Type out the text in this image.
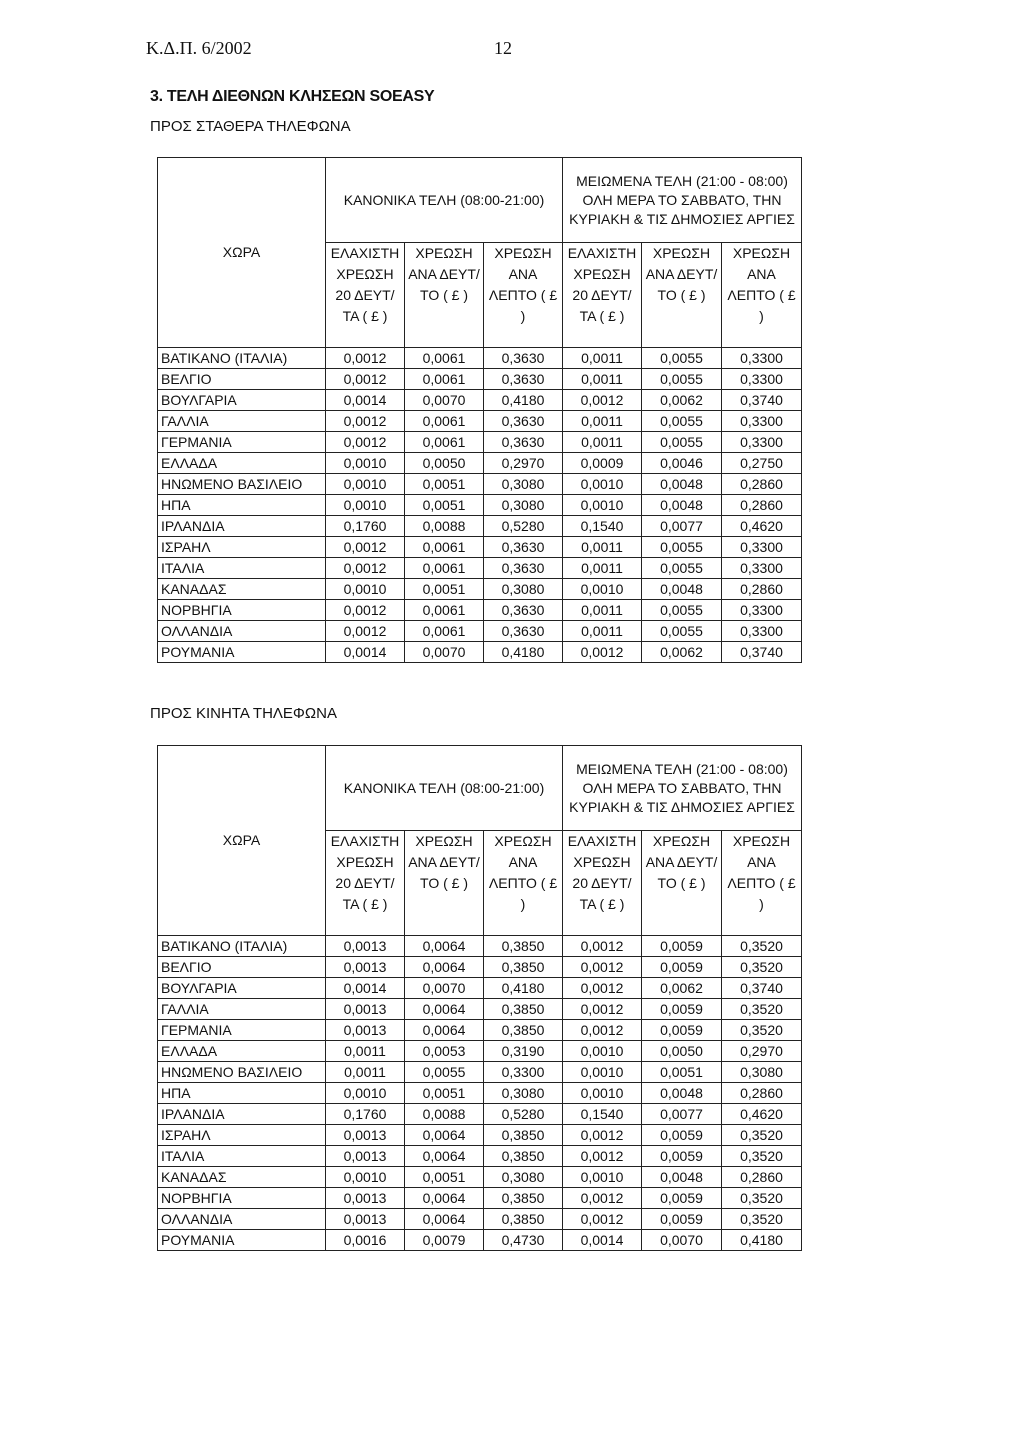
Κ.Δ.Π. 6/2002	12
3. ΤΕΛΗ ΔΙΕΘΝΩΝ ΚΛΗΣΕΩΝ SOEASY
ΠΡΟΣ ΣΤΑΘΕΡΑ ΤΗΛΕΦΩΝΑ
ΧΩΡΑ	ΚΑΝΟΝΙΚΑ ΤΕΛΗ (08:00-21:00)			ΜΕΙΩΜΕΝΑ ΤΕΛΗ (21:00 - 08:00) ΟΛΗ ΜΕΡΑ ΤΟ ΣΑΒΒΑΤΟ, ΤΗΝ ΚΥΡΙΑΚΗ & ΤΙΣ ΔΗΜΟΣΙΕΣ ΑΡΓΙΕΣ		
	ΕΛΑΧΙΣΤΗ ΧΡΕΩΣΗ 20 ΔΕΥΤ/ΤΑ ( £ )	ΧΡΕΩΣΗ ΑΝΑ ΔΕΥΤ/ΤΟ ( £ )	ΧΡΕΩΣΗ ΑΝΑ ΛΕΠΤΟ ( £ )	ΕΛΑΧΙΣΤΗ ΧΡΕΩΣΗ 20 ΔΕΥΤ/ΤΑ ( £ )	ΧΡΕΩΣΗ ΑΝΑ ΔΕΥΤ/ΤΟ ( £ )	ΧΡΕΩΣΗ ΑΝΑ ΛΕΠΤΟ ( £ )
ΒΑΤΙΚΑΝΟ (ΙΤΑΛΙΑ)	0,0012	0,0061	0,3630	0,0011	0,0055	0,3300
ΒΕΛΓΙΟ	0,0012	0,0061	0,3630	0,0011	0,0055	0,3300
ΒΟΥΛΓΑΡΙΑ	0,0014	0,0070	0,4180	0,0012	0,0062	0,3740
ΓΑΛΛΙΑ	0,0012	0,0061	0,3630	0,0011	0,0055	0,3300
ΓΕΡΜΑΝΙΑ	0,0012	0,0061	0,3630	0,0011	0,0055	0,3300
ΕΛΛΑΔΑ	0,0010	0,0050	0,2970	0,0009	0,0046	0,2750
ΗΝΩΜΕΝΟ ΒΑΣΙΛΕΙΟ	0,0010	0,0051	0,3080	0,0010	0,0048	0,2860
ΗΠΑ	0,0010	0,0051	0,3080	0,0010	0,0048	0,2860
ΙΡΛΑΝΔΙΑ	0,1760	0,0088	0,5280	0,1540	0,0077	0,4620
ΙΣΡΑΗΛ	0,0012	0,0061	0,3630	0,0011	0,0055	0,3300
ΙΤΑΛΙΑ	0,0012	0,0061	0,3630	0,0011	0,0055	0,3300
ΚΑΝΑΔΑΣ	0,0010	0,0051	0,3080	0,0010	0,0048	0,2860
ΝΟΡΒΗΓΙΑ	0,0012	0,0061	0,3630	0,0011	0,0055	0,3300
ΟΛΛΑΝΔΙΑ	0,0012	0,0061	0,3630	0,0011	0,0055	0,3300
ΡΟΥΜΑΝΙΑ	0,0014	0,0070	0,4180	0,0012	0,0062	0,3740
ΠΡΟΣ ΚΙΝΗΤΑ ΤΗΛΕΦΩΝΑ
ΧΩΡΑ	ΚΑΝΟΝΙΚΑ ΤΕΛΗ (08:00-21:00)			ΜΕΙΩΜΕΝΑ ΤΕΛΗ (21:00 - 08:00) ΟΛΗ ΜΕΡΑ ΤΟ ΣΑΒΒΑΤΟ, ΤΗΝ ΚΥΡΙΑΚΗ & ΤΙΣ ΔΗΜΟΣΙΕΣ ΑΡΓΙΕΣ		
	ΕΛΑΧΙΣΤΗ ΧΡΕΩΣΗ 20 ΔΕΥΤ/ΤΑ ( £ )	ΧΡΕΩΣΗ ΑΝΑ ΔΕΥΤ/ΤΟ ( £ )	ΧΡΕΩΣΗ ΑΝΑ ΛΕΠΤΟ ( £ )	ΕΛΑΧΙΣΤΗ ΧΡΕΩΣΗ 20 ΔΕΥΤ/ΤΑ ( £ )	ΧΡΕΩΣΗ ΑΝΑ ΔΕΥΤ/ΤΟ ( £ )	ΧΡΕΩΣΗ ΑΝΑ ΛΕΠΤΟ ( £ )
ΒΑΤΙΚΑΝΟ (ΙΤΑΛΙΑ)	0,0013	0,0064	0,3850	0,0012	0,0059	0,3520
ΒΕΛΓΙΟ	0,0013	0,0064	0,3850	0,0012	0,0059	0,3520
ΒΟΥΛΓΑΡΙΑ	0,0014	0,0070	0,4180	0,0012	0,0062	0,3740
ΓΑΛΛΙΑ	0,0013	0,0064	0,3850	0,0012	0,0059	0,3520
ΓΕΡΜΑΝΙΑ	0,0013	0,0064	0,3850	0,0012	0,0059	0,3520
ΕΛΛΑΔΑ	0,0011	0,0053	0,3190	0,0010	0,0050	0,2970
ΗΝΩΜΕΝΟ ΒΑΣΙΛΕΙΟ	0,0011	0,0055	0,3300	0,0010	0,0051	0,3080
ΗΠΑ	0,0010	0,0051	0,3080	0,0010	0,0048	0,2860
ΙΡΛΑΝΔΙΑ	0,1760	0,0088	0,5280	0,1540	0,0077	0,4620
ΙΣΡΑΗΛ	0,0013	0,0064	0,3850	0,0012	0,0059	0,3520
ΙΤΑΛΙΑ	0,0013	0,0064	0,3850	0,0012	0,0059	0,3520
ΚΑΝΑΔΑΣ	0,0010	0,0051	0,3080	0,0010	0,0048	0,2860
ΝΟΡΒΗΓΙΑ	0,0013	0,0064	0,3850	0,0012	0,0059	0,3520
ΟΛΛΑΝΔΙΑ	0,0013	0,0064	0,3850	0,0012	0,0059	0,3520
ΡΟΥΜΑΝΙΑ	0,0016	0,0079	0,4730	0,0014	0,0070	0,4180
